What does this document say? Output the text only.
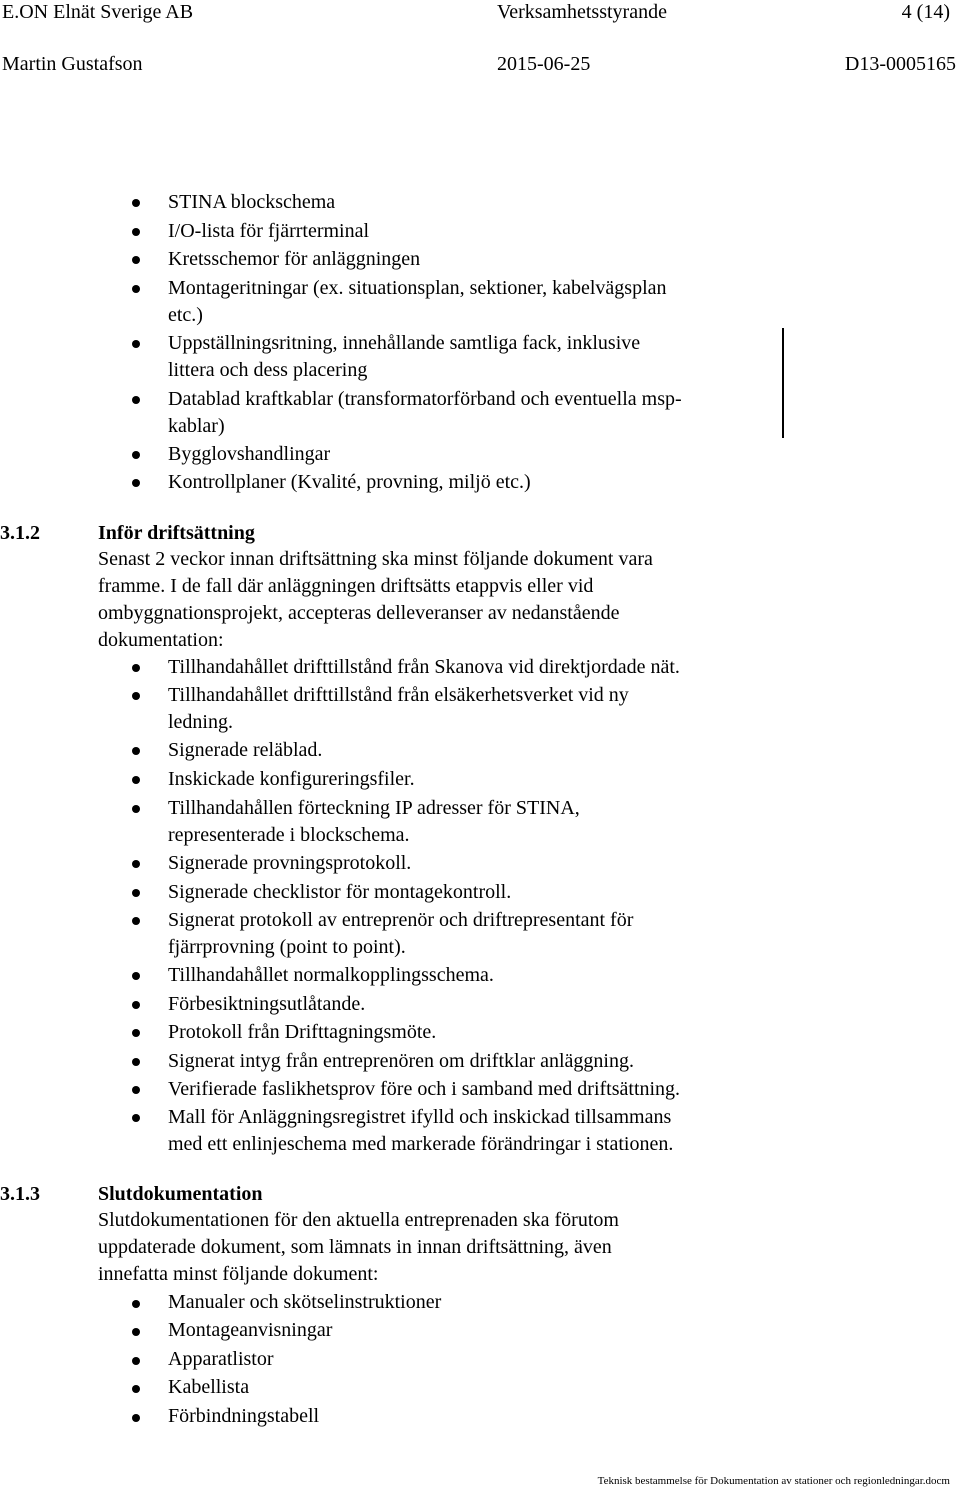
E.ON Elnät Sverige AB	Verksamhetsstyrande	4 (14)
Martin Gustafson	2015-06-25	D13-0005165
STINA blockschema
I/O-lista för fjärrterminal
Kretsschemor för anläggningen
Montageritningar (ex. situationsplan, sektioner, kabelvägsplan
etc.)
Uppställningsritning, innehållande samtliga fack, inklusive
littera och dess placering
Datablad kraftkablar (transformatorförband och eventuella msp-
kablar)
Bygglovshandlingar
Kontrollplaner (Kvalité, provning, miljö etc.)
3.1.2	Inför driftsättning
Senast 2 veckor innan driftsättning ska minst följande dokument vara
framme. I de fall där anläggningen driftsätts etappvis eller vid
ombyggnationsprojekt, accepteras delleveranser av nedanstående
dokumentation:
Tillhandahållet drifttillstånd från Skanova vid direktjordade nät.
Tillhandahållet drifttillstånd från elsäkerhetsverket vid ny
ledning.
Signerade reläblad.
Inskickade konfigureringsfiler.
Tillhandahållen förteckning IP adresser för STINA,
representerade i blockschema.
Signerade provningsprotokoll.
Signerade checklistor för montagekontroll.
Signerat protokoll av entreprenör och driftrepresentant för
fjärrprovning (point to point).
Tillhandahållet normalkopplingsschema.
Förbesiktningsutlåtande.
Protokoll från Drifttagningsmöte.
Signerat intyg från entreprenören om driftklar anläggning.
Verifierade faslikhetsprov före och i samband med driftsättning.
Mall för Anläggningsregistret ifylld och inskickad tillsammans
med ett enlinjeschema med markerade förändringar i stationen.
3.1.3	Slutdokumentation
Slutdokumentationen för den aktuella entreprenaden ska förutom
uppdaterade dokument, som lämnats in innan driftsättning, även
innefatta minst följande dokument:
Manualer och skötselinstruktioner
Montageanvisningar
Apparatlistor
Kabellista
Förbindningstabell
Teknisk bestammelse för Dokumentation av stationer och regionledningar.docm
